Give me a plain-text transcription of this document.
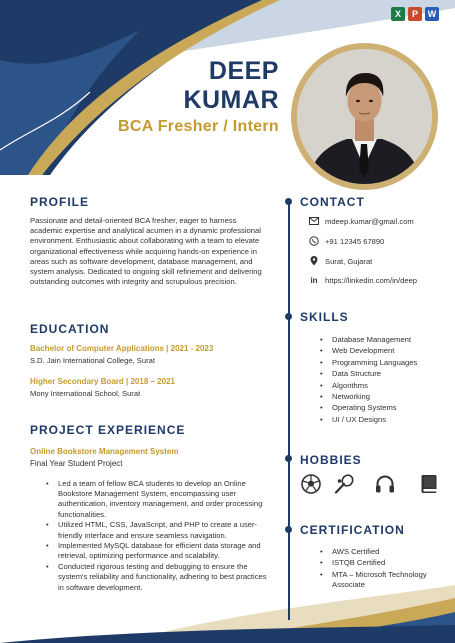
X	P	W
DEEP
KUMAR
BCA Fresher / Intern
PROFILE
Passionate and detail-oriented BCA fresher, eager to harness academic expertise and analytical acumen in a dynamic professional environment. Enthusiastic about collaborating with a team to elevate organizational effectiveness while acquiring hands-on experience in areas such as software development, database management, and system analysis. Dedicated to ongoing skill refinement and delivering outstanding outcomes with integrity and scrupulous precision.
EDUCATION
Bachelor of Computer Applications | 2021 - 2023
S.D. Jain International College, Surat
Higher Secondary Board | 2018 – 2021
Mony International School, Surat
PROJECT EXPERIENCE
Online Bookstore Management System
Final Year Student Project
• Led a team of fellow BCA students to develop an Online Bookstore Management System, encompassing user authentication, inventory management, and order processing functionalities.
• Utilized HTML, CSS, JavaScript, and PHP to create a user-friendly interface and ensure seamless navigation.
• Implemented MySQL database for efficient data storage and retrieval, optimizing performance and scalability.
• Conducted rigorous testing and debugging to ensure the system's reliability and functionality, adhering to best practices in software development.
CONTACT
mdeep.kumar@gmail.com
+91 12345 67890
Surat, Gujarat
in https://linkedin.com/in/deep
SKILLS
• Database Management
• Web Development
• Programming Languages
• Data Structure
• Algorithms
• Networking
• Operating Systems
• UI / UX Designs
HOBBIES
CERTIFICATION
• AWS Certified
• ISTQB Certified
• MTA – Microsoft Technology Associate
